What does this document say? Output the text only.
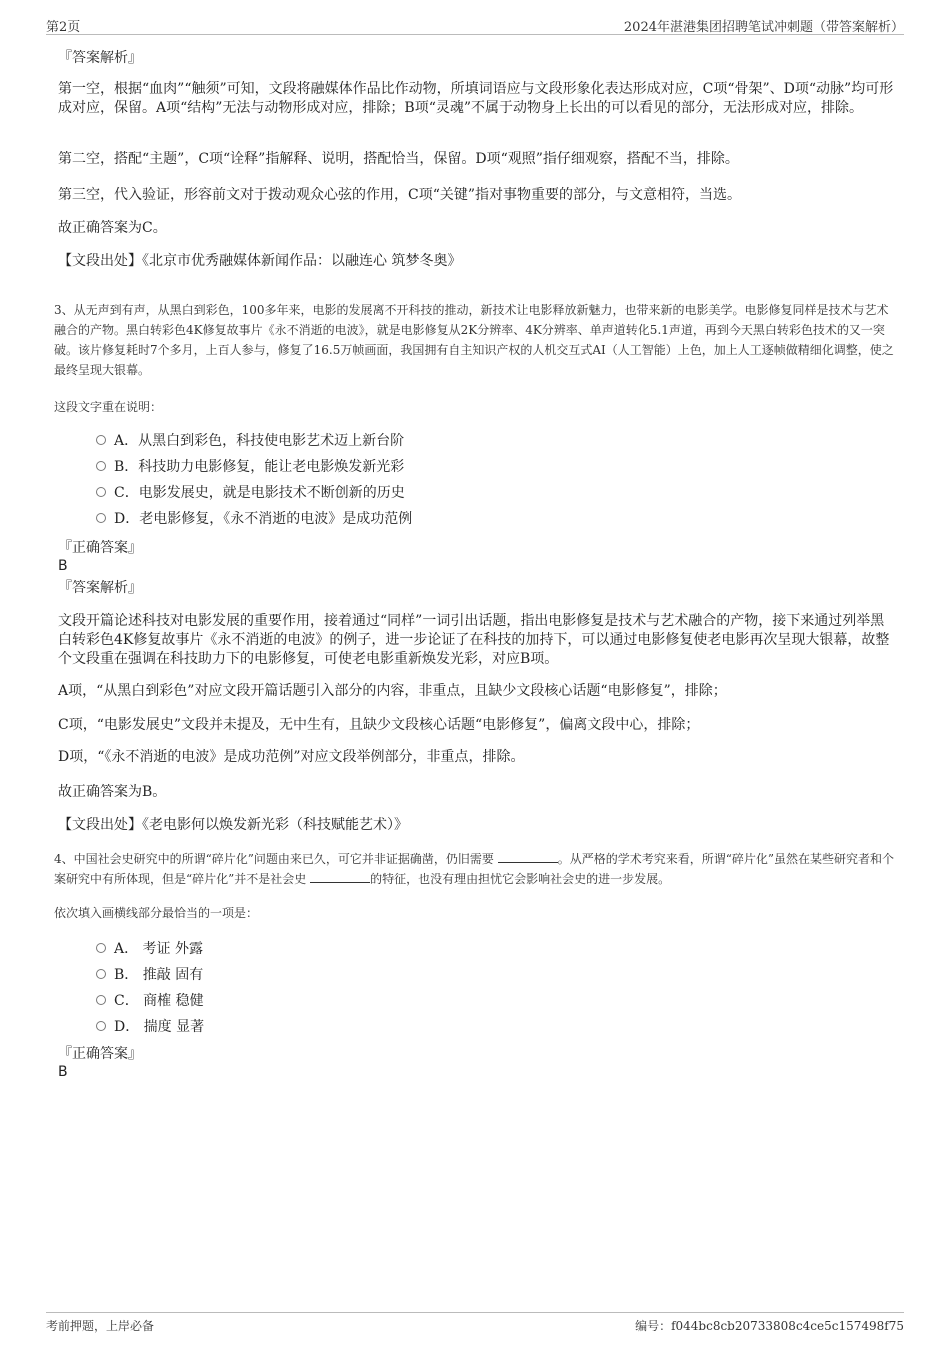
第2页	2024年湛港集团招聘笔试冲刺题（带答案解析）

『答案解析』

第一空，根据“血肉”“触须”可知，文段将融媒体作品比作动物，所填词语应与文段形象化表达形成对应，C项“骨架”、D项“动脉”均可形成对应，保留。A项“结构”无法与动物形成对应，排除；B项“灵魂”不属于动物身上长出的可以看见的部分，无法形成对应，排除。

第二空，搭配“主题”，C项“诠释”指解释、说明，搭配恰当，保留。D项“观照”指仔细观察，搭配不当，排除。

第三空，代入验证，形容前文对于拨动观众心弦的作用，C项“关键”指对事物重要的部分，与文意相符，当选。

故正确答案为C。

【文段出处】《北京市优秀融媒体新闻作品：以融连心 筑梦冬奥》

3、从无声到有声，从黑白到彩色，100多年来，电影的发展离不开科技的推动，新技术让电影释放新魅力，也带来新的电影美学。电影修复同样是技术与艺术融合的产物。黑白转彩色4K修复故事片《永不消逝的电波》，就是电影修复从2K分辨率、4K分辨率、单声道转化5.1声道，再到今天黑白转彩色技术的又一突破。该片修复耗时7个多月，上百人参与，修复了16.5万帧画面，我国拥有自主知识产权的人机交互式AI（人工智能）上色，加上人工逐帧做精细化调整，使之最终呈现大银幕。

这段文字重在说明：

A．从黑白到彩色，科技使电影艺术迈上新台阶
B．科技助力电影修复，能让老电影焕发新光彩
C．电影发展史，就是电影技术不断创新的历史
D．老电影修复，《永不消逝的电波》是成功范例

『正确答案』

B

『答案解析』

文段开篇论述科技对电影发展的重要作用，接着通过“同样”一词引出话题，指出电影修复是技术与艺术融合的产物，接下来通过列举黑白转彩色4K修复故事片《永不消逝的电波》的例子，进一步论证了在科技的加持下，可以通过电影修复使老电影再次呈现大银幕，故整个文段重在强调在科技助力下的电影修复，可使老电影重新焕发光彩，对应B项。

A项，“从黑白到彩色”对应文段开篇话题引入部分的内容，非重点，且缺少文段核心话题“电影修复”，排除；

C项，“电影发展史”文段并未提及，无中生有，且缺少文段核心话题“电影修复”，偏离文段中心，排除；

D项，“《永不消逝的电波》是成功范例”对应文段举例部分，非重点，排除。

故正确答案为B。

【文段出处】《老电影何以焕发新光彩（科技赋能艺术）》

4、中国社会史研究中的所谓“碎片化”问题由来已久，可它并非证据确凿，仍旧需要	。从严格的学术考究来看，所谓“碎片化”虽然在某些研究者和个案研究中有所体现，但是“碎片化”并不是社会史	的特征，也没有理由担忧它会影响社会史的进一步发展。

依次填入画横线部分最恰当的一项是：

A． 考证 外露
B． 推敲 固有
C． 商榷 稳健
D． 揣度 显著

『正确答案』

B

考前押题，上岸必备	编号：f044bc8cb20733808c4ce5c157498f75
